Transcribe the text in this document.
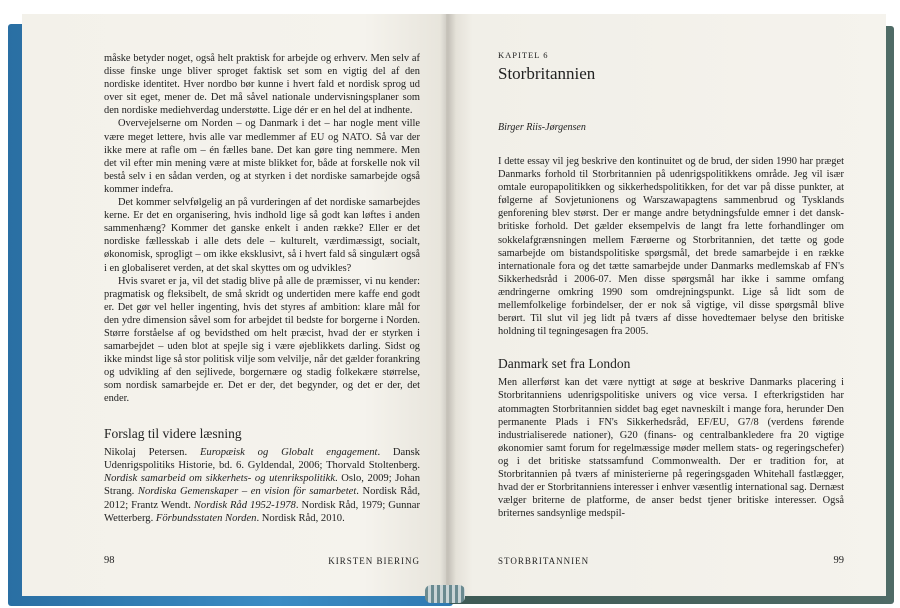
måske betyder noget, også helt praktisk for arbejde og erhverv. Men selv af disse finske unge bliver sproget faktisk set som en vigtig del af den nordiske identitet. Hver nordbo bør kunne i hvert fald et nordisk sprog ud over sit eget, mener de. Det må såvel nationale undervisningsplaner som den nordiske mediehverdag understøtte. Lige dér er en hel del at indhente.

Overvejelserne om Norden – og Danmark i det – har nogle ment ville være meget lettere, hvis alle var medlemmer af EU og NATO. Så var der ikke mere at rafle om – én fælles bane. Det kan gøre ting nemmere. Men det vil efter min mening være at miste blikket for, både at forskelle nok vil bestå selv i en sådan verden, og at styrken i det nordiske samarbejde også kommer indefra.

Det kommer selvfølgelig an på vurderingen af det nordiske samarbejdes kerne. Er det en organisering, hvis indhold lige så godt kan løftes i anden sammenhæng? Kommer det ganske enkelt i anden række? Eller er det nordiske fællesskab i alle dets dele – kulturelt, værdimæssigt, socialt, økonomisk, sprogligt – om ikke eksklusivt, så i hvert fald så singulært også i en globaliseret verden, at det skal skyttes om og udvikles?

Hvis svaret er ja, vil det stadig blive på alle de præmisser, vi nu kender: pragmatisk og fleksibelt, de små skridt og undertiden mere kaffe end godt er. Det gør vel heller ingenting, hvis det styres af ambition: klare mål for den ydre dimension såvel som for arbejdet til bedste for borgerne i Norden. Større forståelse af og bevidsthed om helt præcist, hvad der er styrken i samarbejdet – uden blot at spejle sig i være øjeblikkets darling. Sidst og ikke mindst lige så stor politisk vilje som velvilje, når det gælder forankring og udvikling af den sejlivede, borgernære og stadig folkekære størrelse, som nordisk samarbejde er. Det er der, det begynder, og det er der, det ender.

Forslag til videre læsning

Nikolaj Petersen. Europæisk og Globalt engagement. Dansk Udenrigspolitiks Historie, bd. 6. Gyldendal, 2006; Thorvald Stoltenberg. Nordisk samarbeid om sikkerhets- og utenrikspolitikk. Oslo, 2009; Johan Strang. Nordiska Gemenskaper – en vision för samarbetet. Nordisk Råd, 2012; Frantz Wendt. Nordisk Råd 1952-1978. Nordisk Råd, 1979; Gunnar Wetterberg. Förbundsstaten Norden. Nordisk Råd, 2010.

98	KIRSTEN BIERING

KAPITEL 6

Storbritannien
Birger Riis-Jørgensen

I dette essay vil jeg beskrive den kontinuitet og de brud, der siden 1990 har præget Danmarks forhold til Storbritannien på udenrigspolitikkens område. Jeg vil især omtale europapolitikken og sikkerhedspolitikken, for det var på disse punkter, at følgerne af Sovjetunionens og Warszawapagtens sammenbrud og Tysklands genforening blev størst. Der er mange andre betydningsfulde emner i det dansk-britiske forhold. Det gælder eksempelvis de langt fra lette forhandlinger om sokkelafgrænsningen mellem Færøerne og Storbritannien, det tætte og gode samarbejde om bistandspolitiske spørgsmål, det brede samarbejde i en række internationale fora og det tætte samarbejde under Danmarks medlemskab af FN's Sikkerhedsråd i 2006-07. Men disse spørgsmål har ikke i samme omfang ændringerne omkring 1990 som omdrejningspunkt. Lige så lidt som de mellemfolkelige forbindelser, der er nok så vigtige, vil disse spørgsmål blive berørt. Til slut vil jeg lidt på tværs af disse hovedtemaer belyse den britiske holdning til tegningesagen fra 2005.

Danmark set fra London

Men allerførst kan det være nyttigt at søge at beskrive Danmarks placering i Storbritanniens udenrigspolitiske univers og vice versa. I efterkrigstiden har atommagten Storbritannien siddet bag eget navneskilt i mange fora, herunder Den permanente Plads i FN's Sikkerhedsråd, EF/EU, G7/8 (verdens førende industrialiserede nationer), G20 (finans- og centralbankledere fra 20 vigtige økonomier samt forum for regelmæssige møder mellem stats- og regeringschefer) og i det britiske statssamfund Commonwealth. Der er tradition for, at Storbritannien på tværs af ministerierne på regeringsgaden Whitehall fastlægger, hvad der er Storbritanniens interesser i enhver væsentlig international sag. Dernæst vælger briterne de platforme, de anser bedst tjener britiske interesser. Også briternes sandsynlige medspil-

STORBRITANNIEN	99
